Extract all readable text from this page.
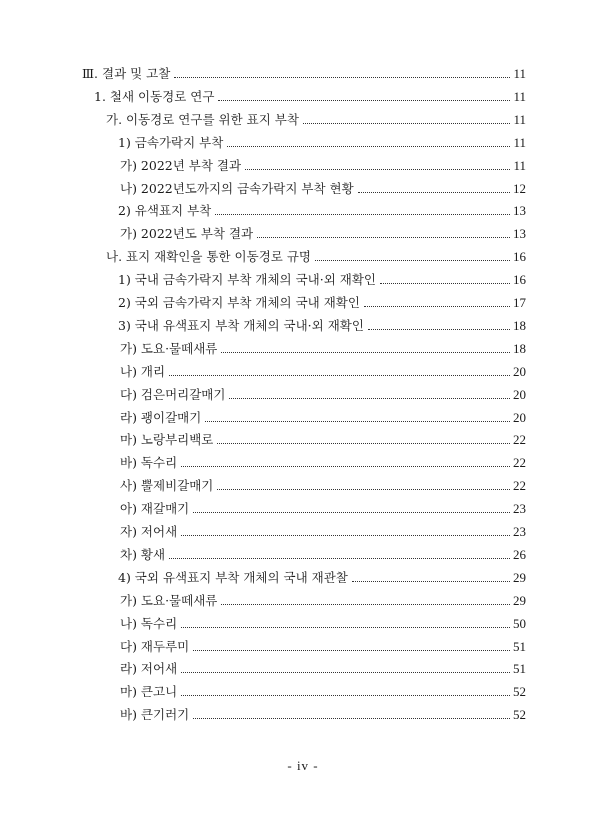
Ⅲ. 결과 및 고찰	11
1. 철새 이동경로 연구	11
가. 이동경로 연구를 위한 표지 부착	11
1) 금속가락지 부착	11
가) 2022년 부착 결과	11
나) 2022년도까지의 금속가락지 부착 현황	12
2) 유색표지 부착	13
가) 2022년도 부착 결과	13
나. 표지 재확인을 통한 이동경로 규명	16
1) 국내 금속가락지 부착 개체의 국내·외 재확인	16
2) 국외 금속가락지 부착 개체의 국내 재확인	17
3) 국내 유색표지 부착 개체의 국내·외 재확인	18
가) 도요·물떼새류	18
나) 개리	20
다) 검은머리갈매기	20
라) 괭이갈매기	20
마) 노랑부리백로	22
바) 독수리	22
사) 뿔제비갈매기	22
아) 재갈매기	23
자) 저어새	23
차) 황새	26
4) 국외 유색표지 부착 개체의 국내 재관찰	29
가) 도요·물떼새류	29
나) 독수리	50
다) 재두루미	51
라) 저어새	51
마) 큰고니	52
바) 큰기러기	52
- iv -
